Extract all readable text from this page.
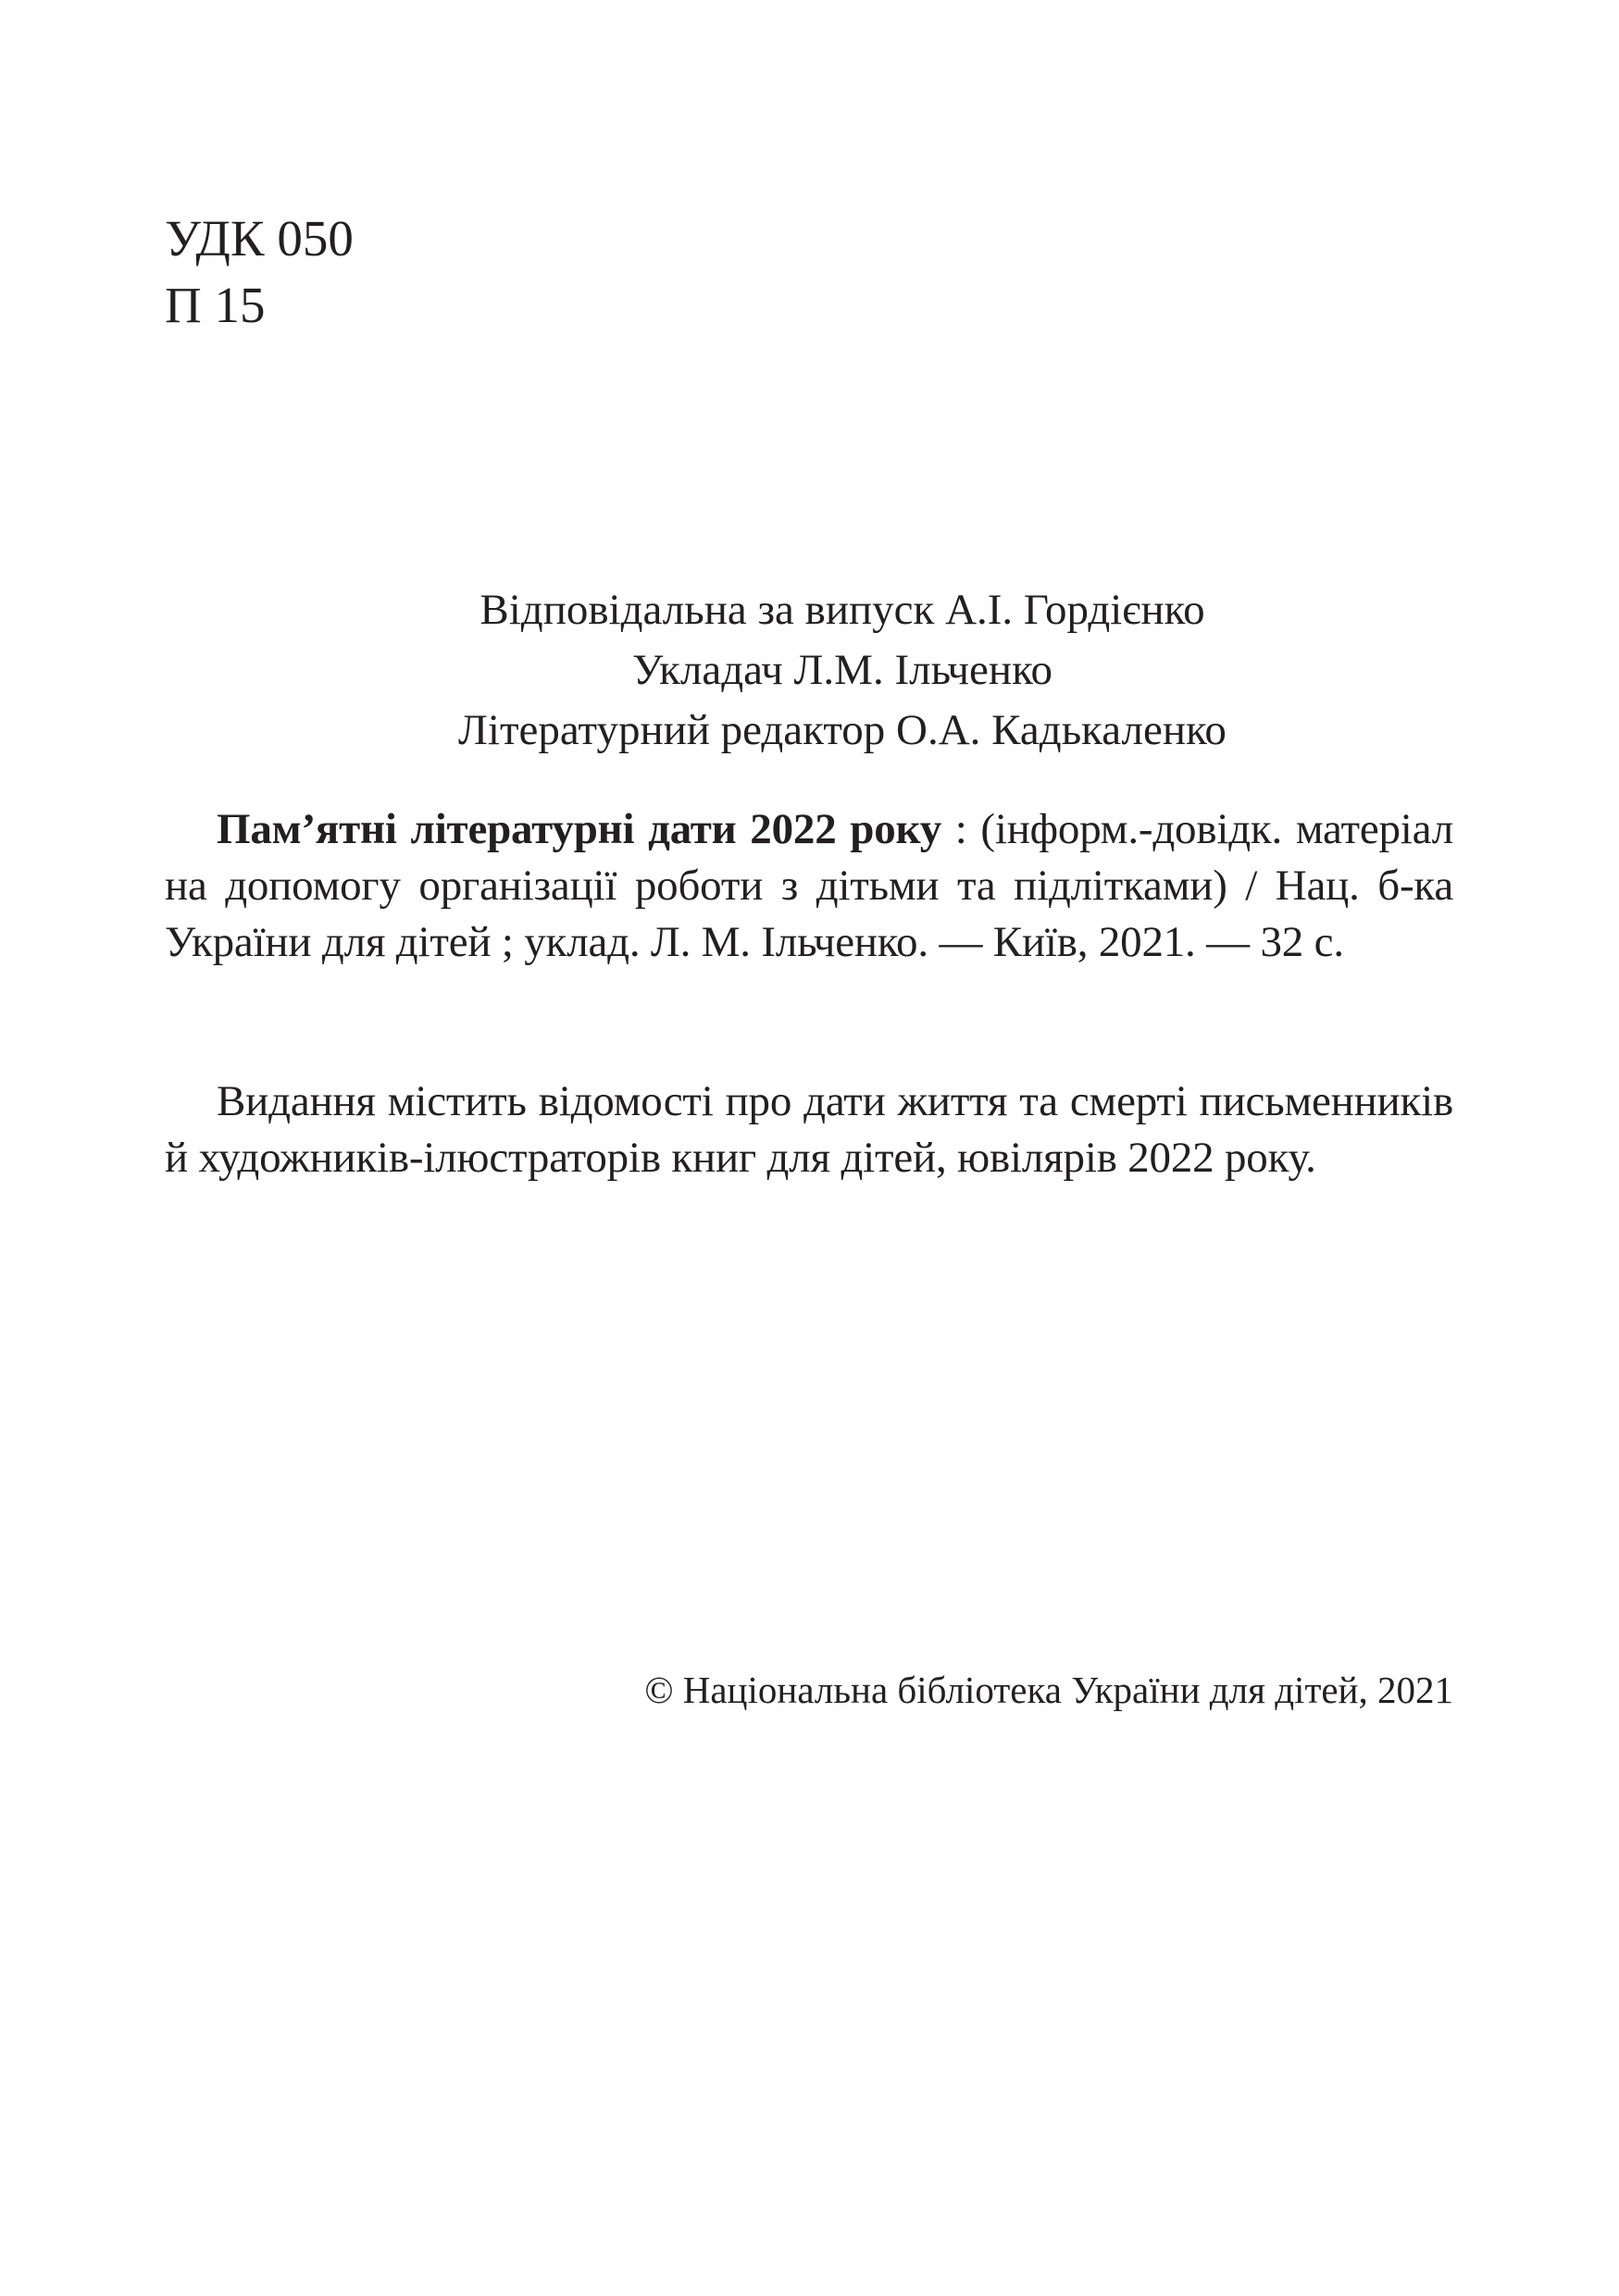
УДК 050
П 15
Відповідальна за випуск А.І. Гордієнко
Укладач Л.М. Ільченко
Літературний редактор О.А. Кадькаленко
Пам’ятні літературні дати 2022 року : (інформ.-довідк. матеріал на допомогу організації роботи з дітьми та підлітками) / Нац. б-ка України для дітей ; уклад. Л. М. Ільченко. — Київ, 2021. — 32 с.
Видання містить відомості про дати життя та смерті письменників й художників-ілюстраторів книг для дітей, ювілярів 2022 року.
© Національна бібліотека України для дітей, 2021
